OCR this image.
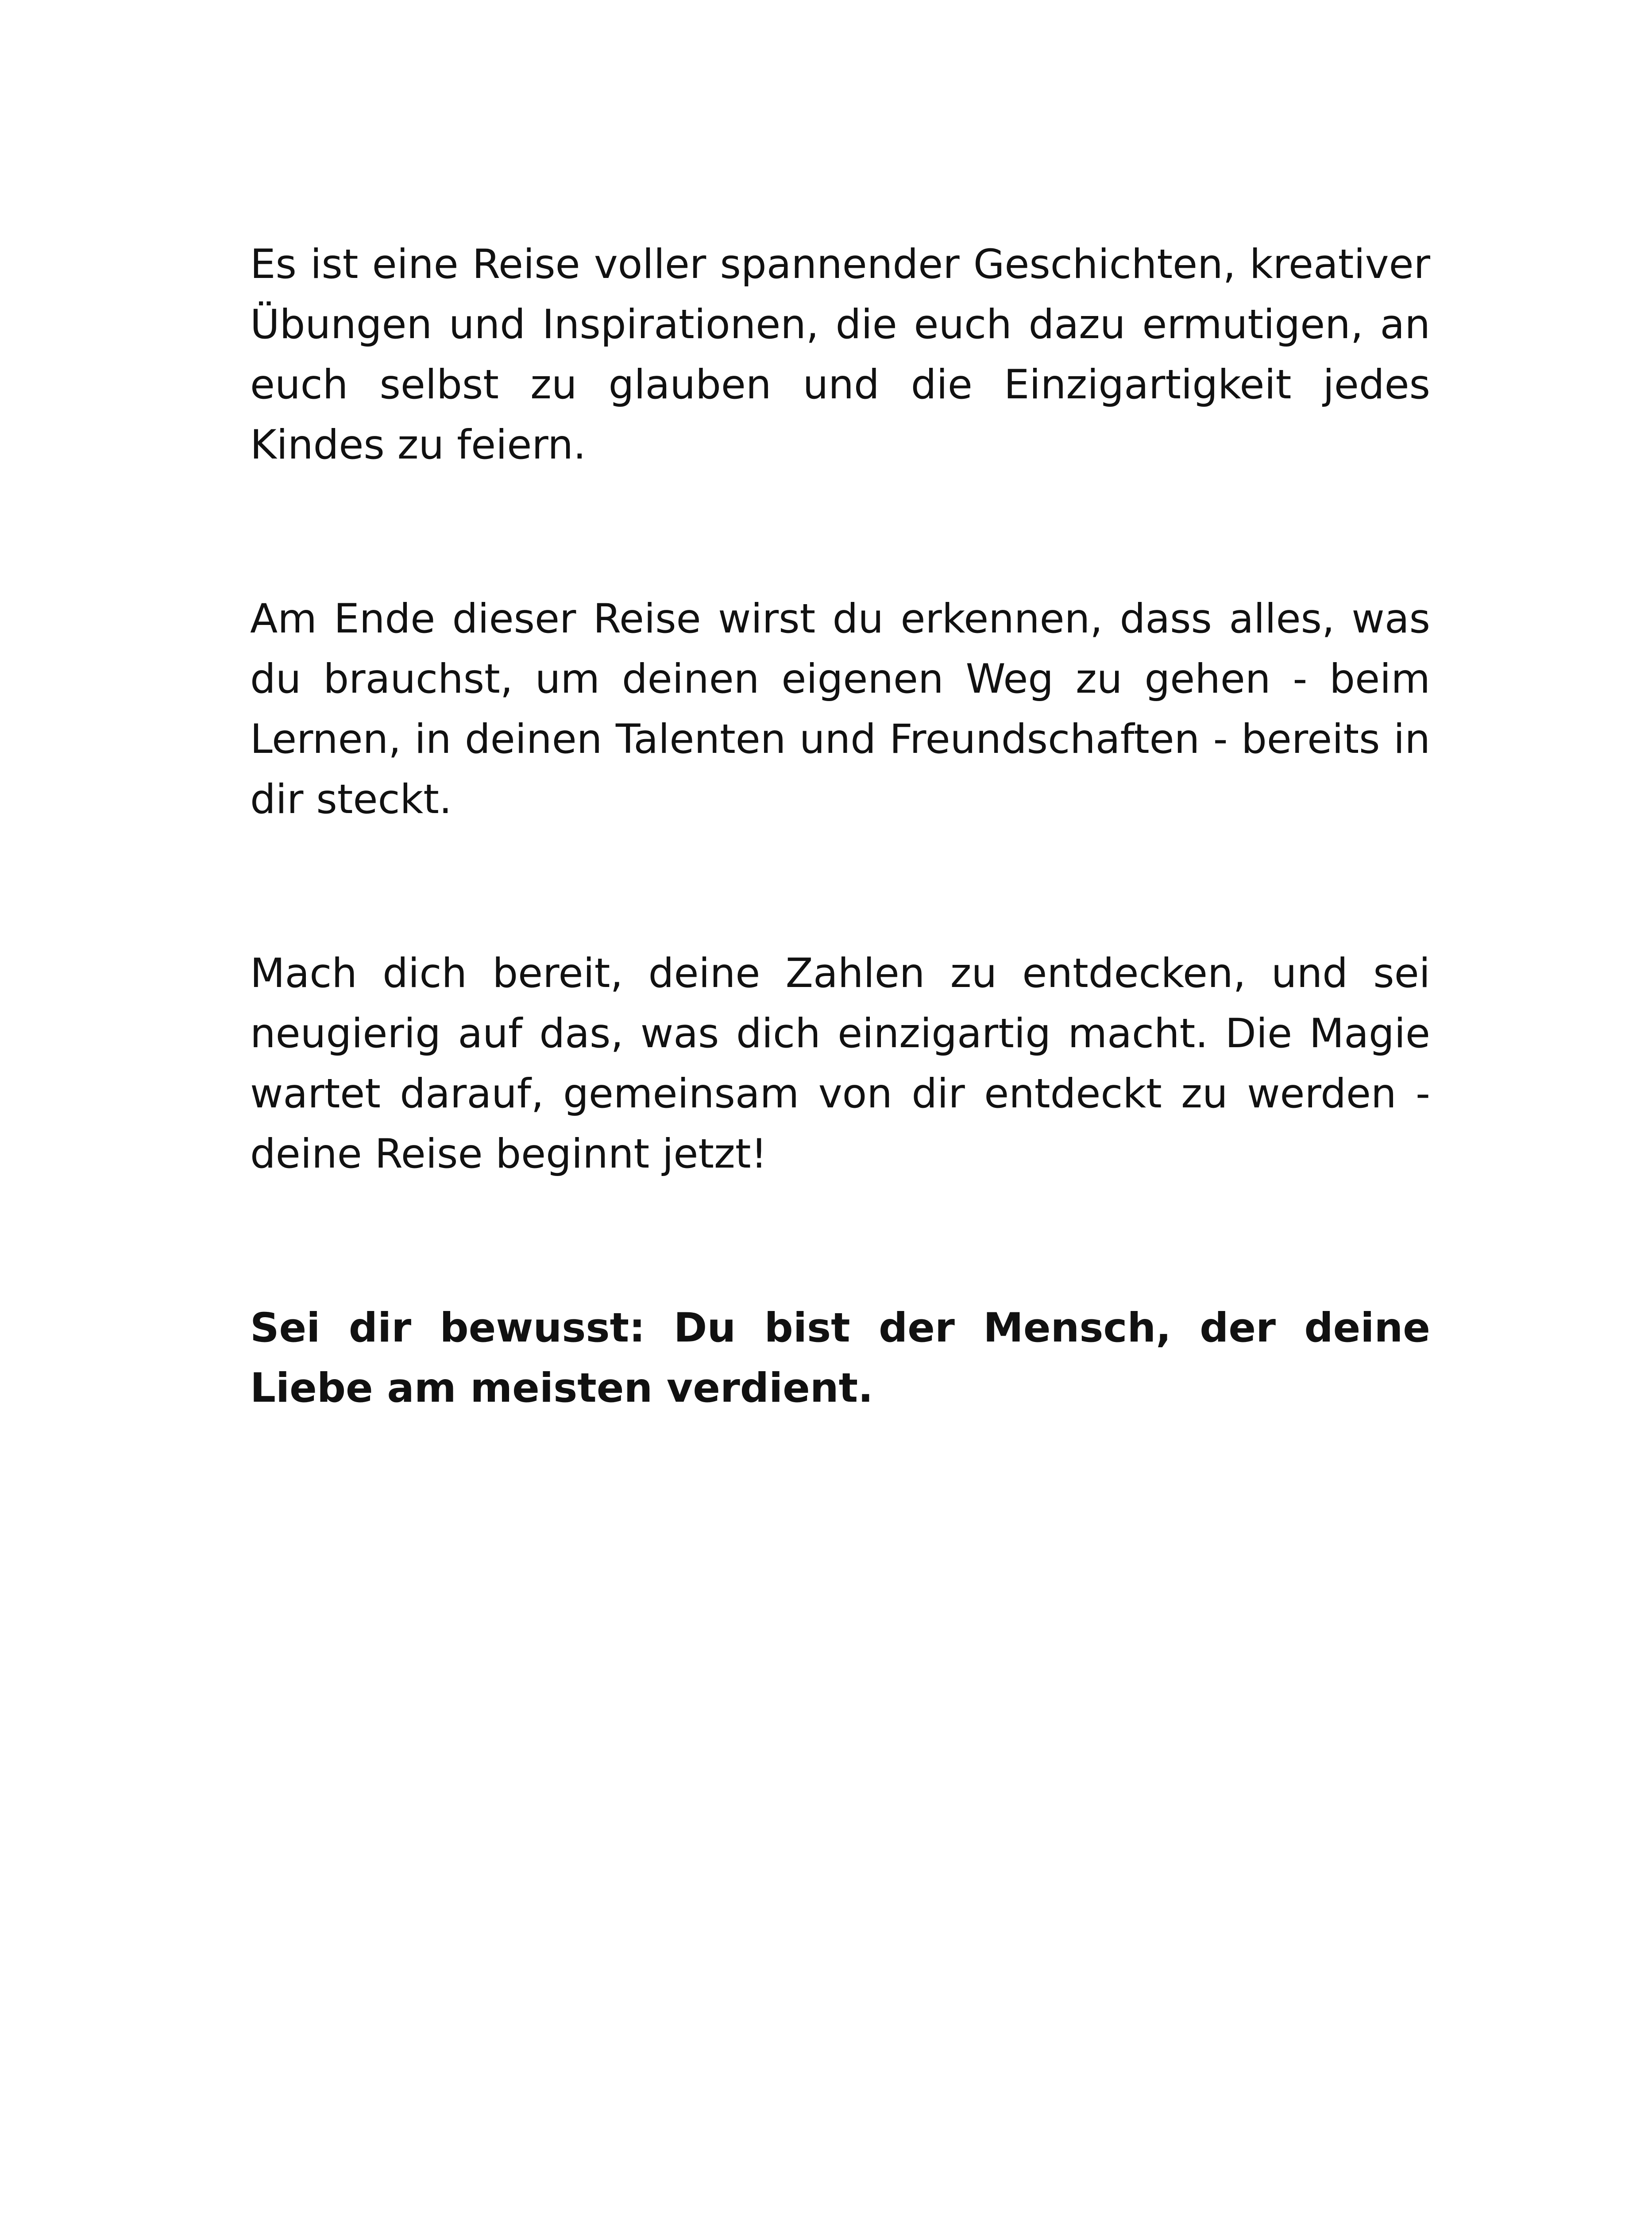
Es ist eine Reise voller spannender Geschichten, kreativer Übungen und Inspirationen, die euch dazu ermutigen, an euch selbst zu glauben und die Einzigartigkeit jedes Kindes zu feiern.

Am Ende dieser Reise wirst du erkennen, dass alles, was du brauchst, um deinen eigenen Weg zu gehen - beim Lernen, in deinen Talenten und Freundschaften - bereits in dir steckt.

Mach dich bereit, deine Zahlen zu entdecken, und sei neugierig auf das, was dich einzigartig macht. Die Magie wartet darauf, gemeinsam von dir entdeckt zu werden - deine Reise beginnt jetzt!

Sei dir bewusst: Du bist der Mensch, der deine Liebe am meisten verdient.
